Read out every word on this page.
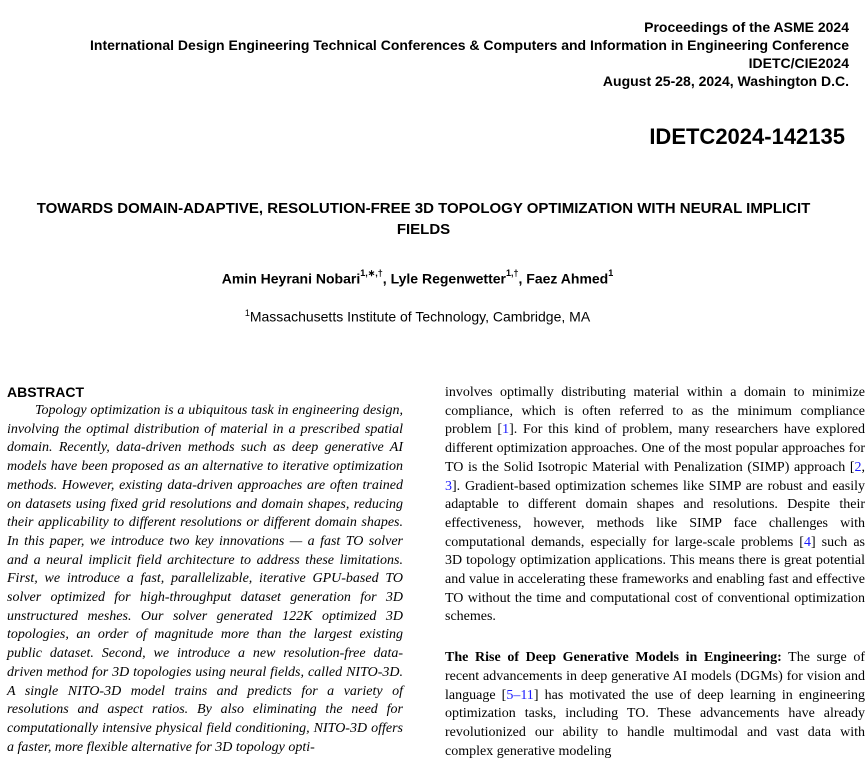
Proceedings of the ASME 2024
International Design Engineering Technical Conferences & Computers and Information in Engineering Conference
IDETC/CIE2024
August 25-28, 2024, Washington D.C.
IDETC2024-142135
TOWARDS DOMAIN-ADAPTIVE, RESOLUTION-FREE 3D TOPOLOGY OPTIMIZATION WITH NEURAL IMPLICIT FIELDS
Amin Heyrani Nobari$^{1,∗,\dagger}$, Lyle Regenwetter$^{1,\dagger}$, Faez Ahmed$^1$
$^1$Massachusetts Institute of Technology, Cambridge, MA
ABSTRACT

Topology optimization is a ubiquitous task in engineering design, involving the optimal distribution of material in a prescribed spatial domain. Recently, data-driven methods such as deep generative AI models have been proposed as an alternative to iterative optimization methods. However, existing data-driven approaches are often trained on datasets using fixed grid resolutions and domain shapes, reducing their applicability to different resolutions or different domain shapes. In this paper, we introduce two key innovations — a fast TO solver and a neural implicit field architecture to address these limitations. First, we introduce a fast, parallelizable, iterative GPU-based TO solver optimized for high-throughput dataset generation for 3D unstructured meshes. Our solver generated 122K optimized 3D topologies, an order of magnitude more than the largest existing public dataset. Second, we introduce a new resolution-free data-driven method for 3D topologies using neural fields, called NITO-3D. A single NITO-3D model trains and predicts for a variety of resolutions and aspect ratios. By also eliminating the need for computationally intensive physical field conditioning, NITO-3D offers a faster, more flexible alternative for 3D topology opti-

involves optimally distributing material within a domain to minimize compliance, which is often referred to as the minimum compliance problem [1]. For this kind of problem, many researchers have explored different optimization approaches. One of the most popular approaches for TO is the Solid Isotropic Material with Penalization (SIMP) approach [2, 3]. Gradient-based optimization schemes like SIMP are robust and easily adaptable to different domain shapes and resolutions. Despite their effectiveness, however, methods like SIMP face challenges with computational demands, especially for large-scale problems [4] such as 3D topology optimization applications. This means there is great potential and value in accelerating these frameworks and enabling fast and effective TO without the time and computational cost of conventional optimization schemes.

The Rise of Deep Generative Models in Engineering: The surge of recent advancements in deep generative AI models (DGMs) for vision and language [5–11] has motivated the use of deep learning in engineering optimization tasks, including TO. These advancements have already revolutionized our ability to handle multimodal and vast data with complex generative modeling
